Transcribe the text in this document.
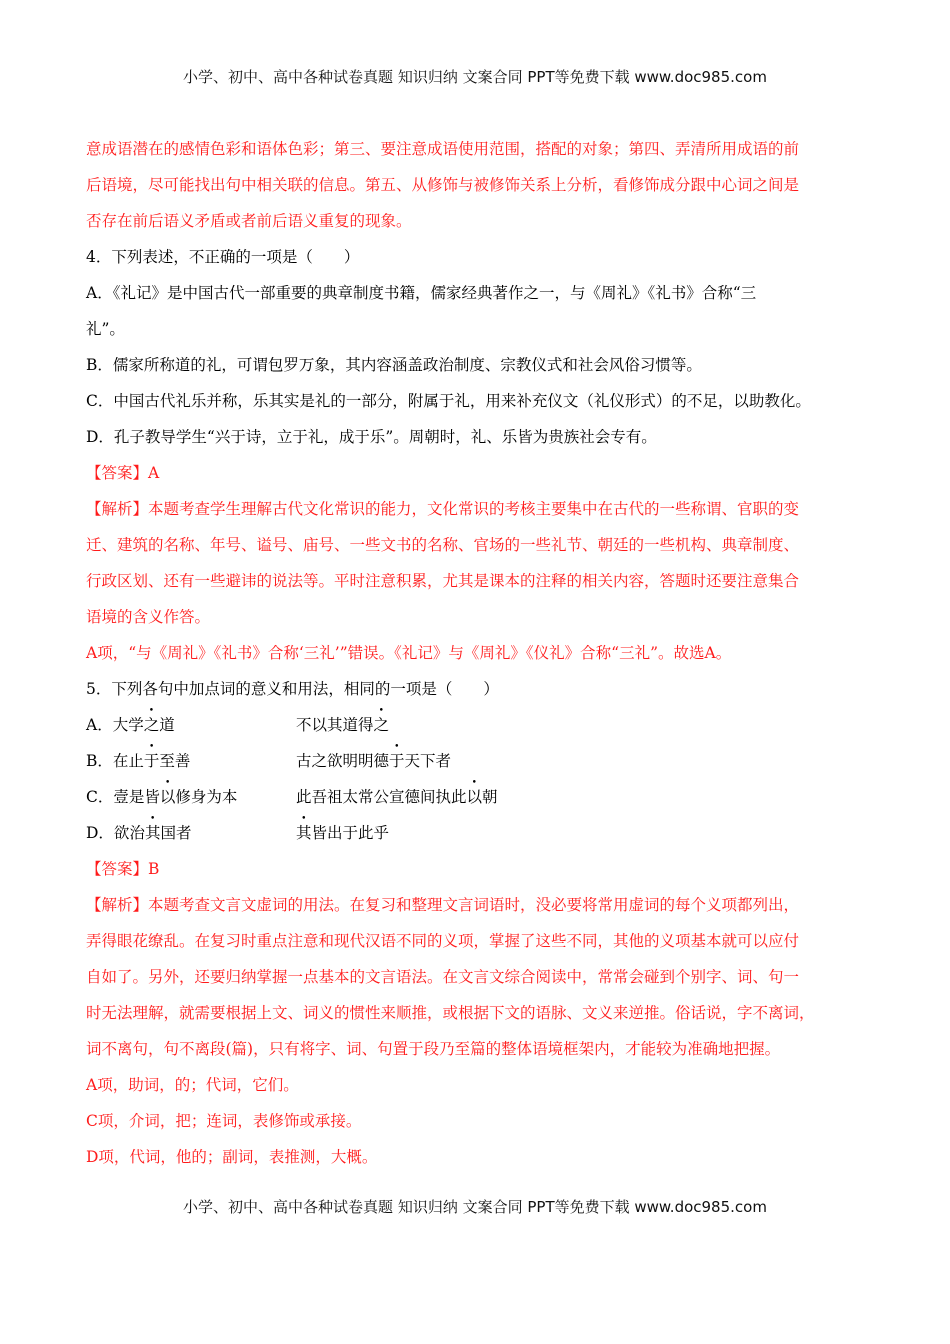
小学、初中、高中各种试卷真题 知识归纳 文案合同 PPT等免费下载 www.doc985.com
意成语潜在的感情色彩和语体色彩；第三、要注意成语使用范围，搭配的对象；第四、弄清所用成语的前
后语境，尽可能找出句中相关联的信息。第五、从修饰与被修饰关系上分析，看修饰成分跟中心词之间是
否存在前后语义矛盾或者前后语义重复的现象。
4．下列表述，不正确的一项是（　　）
A．《礼记》是中国古代一部重要的典章制度书籍，儒家经典著作之一，与《周礼》《礼书》合称“三
礼”。
B．儒家所称道的礼，可谓包罗万象，其内容涵盖政治制度、宗教仪式和社会风俗习惯等。
C．中国古代礼乐并称，乐其实是礼的一部分，附属于礼，用来补充仪文（礼仪形式）的不足，以助教化。
D．孔子教导学生“兴于诗，立于礼，成于乐”。周朝时，礼、乐皆为贵族社会专有。
【答案】A
【解析】本题考查学生理解古代文化常识的能力，文化常识的考核主要集中在古代的一些称谓、官职的变
迁、建筑的名称、年号、谥号、庙号、一些文书的名称、官场的一些礼节、朝廷的一些机构、典章制度、
行政区划、还有一些避讳的说法等。平时注意积累，尤其是课本的注释的相关内容，答题时还要注意集合
语境的含义作答。
A项，“与《周礼》《礼书》合称‘三礼’”错误。《礼记》与《周礼》《仪礼》合称“三礼”。故选A。
5．下列各句中加点词的意义和用法，相同的一项是（　　）
A．大学之道	不以其道得之
B．在止于至善	古之欲明明德于天下者
C．壹是皆以修身为本	此吾祖太常公宣德间执此以朝
D．欲治其国者	其皆出于此乎
【答案】B
【解析】本题考查文言文虚词的用法。在复习和整理文言词语时，没必要将常用虚词的每个义项都列出，
弄得眼花缭乱。在复习时重点注意和现代汉语不同的义项，掌握了这些不同，其他的义项基本就可以应付
自如了。另外，还要归纳掌握一点基本的文言语法。在文言文综合阅读中，常常会碰到个别字、词、句一
时无法理解，就需要根据上文、词义的惯性来顺推，或根据下文的语脉、文义来逆推。俗话说，字不离词，
词不离句，句不离段(篇)，只有将字、词、句置于段乃至篇的整体语境框架内，才能较为准确地把握。
A项，助词，的；代词，它们。
C项，介词，把；连词，表修饰或承接。
D项，代词，他的；副词，表推测，大概。
小学、初中、高中各种试卷真题 知识归纳 文案合同 PPT等免费下载 www.doc985.com
